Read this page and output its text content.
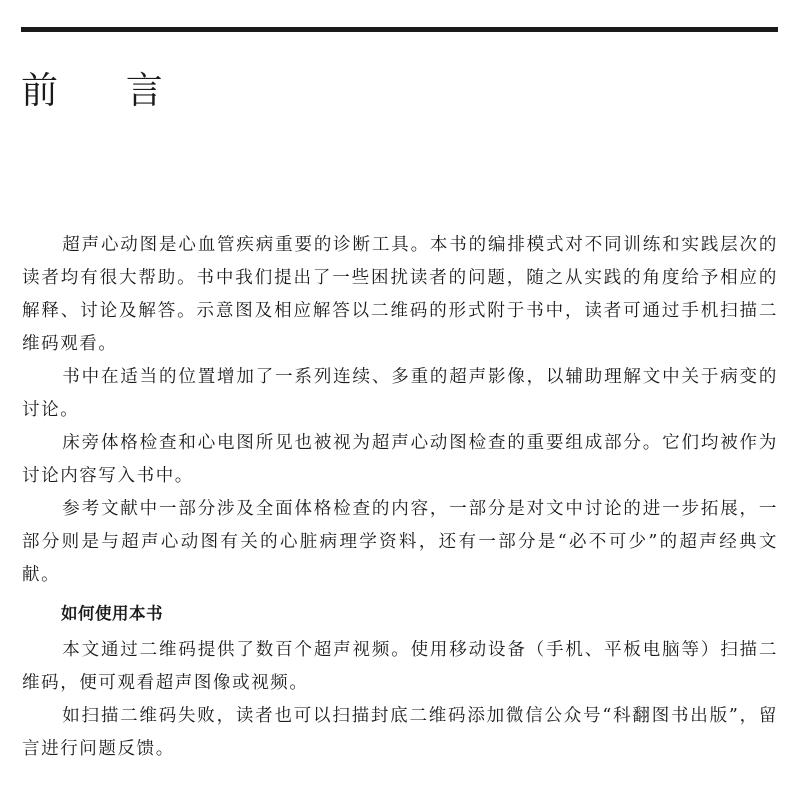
前 言

超声心动图是心血管疾病重要的诊断工具。本书的编排模式对不同训练和实践层次的读者均有很大帮助。书中我们提出了一些困扰读者的问题，随之从实践的角度给予相应的解释、讨论及解答。示意图及相应解答以二维码的形式附于书中，读者可通过手机扫描二维码观看。

书中在适当的位置增加了一系列连续、多重的超声影像，以辅助理解文中关于病变的讨论。

床旁体格检查和心电图所见也被视为超声心动图检查的重要组成部分。它们均被作为讨论内容写入书中。

参考文献中一部分涉及全面体格检查的内容，一部分是对文中讨论的进一步拓展，一部分则是与超声心动图有关的心脏病理学资料，还有一部分是“必不可少”的超声经典文献。

如何使用本书

本文通过二维码提供了数百个超声视频。使用移动设备（手机、平板电脑等）扫描二维码，便可观看超声图像或视频。

如扫描二维码失败，读者也可以扫描封底二维码添加微信公众号“科翻图书出版”，留言进行问题反馈。
